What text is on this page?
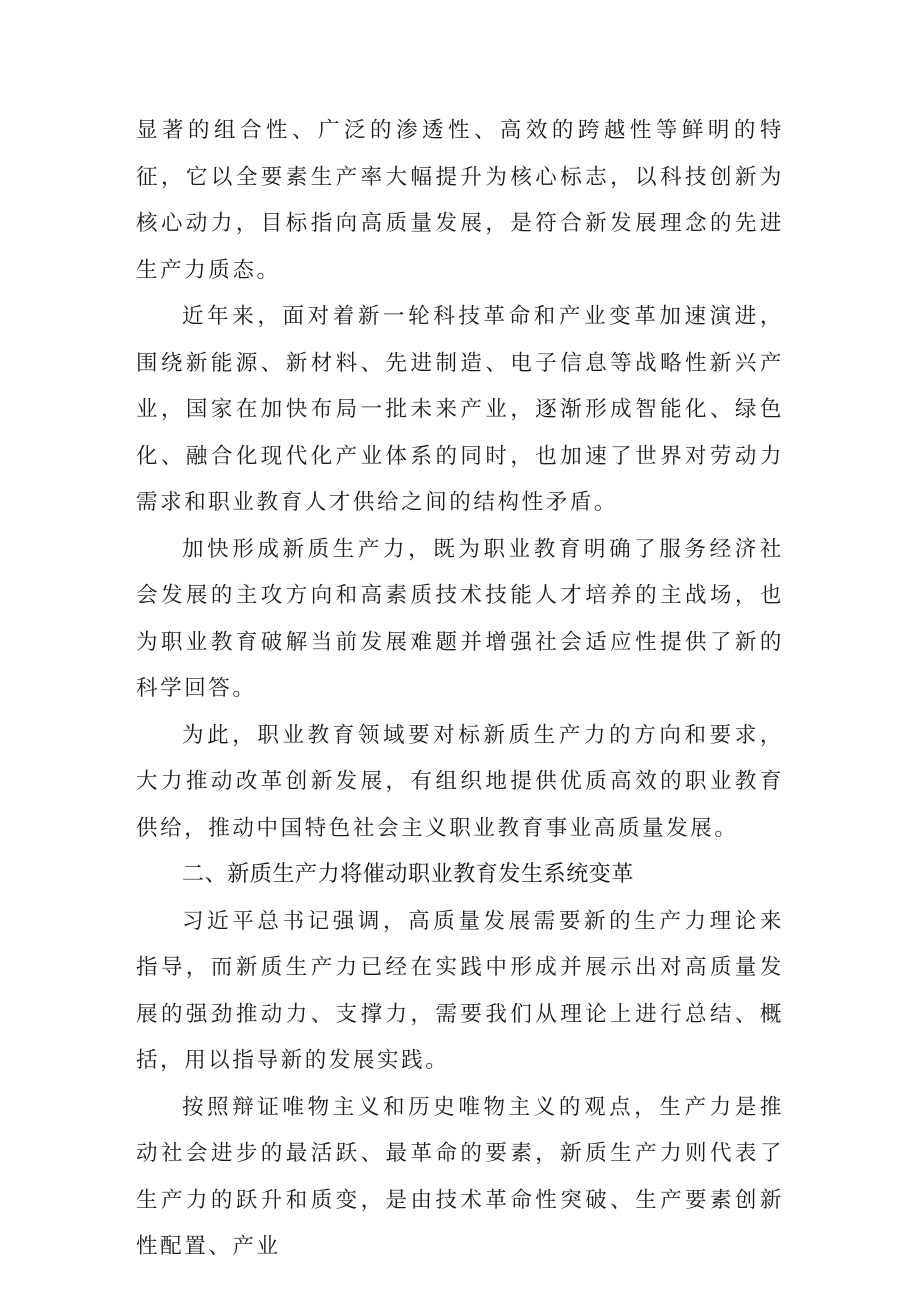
显著的组合性、广泛的渗透性、高效的跨越性等鲜明的特征，它以全要素生产率大幅提升为核心标志，以科技创新为核心动力，目标指向高质量发展，是符合新发展理念的先进生产力质态。

近年来，面对着新一轮科技革命和产业变革加速演进，围绕新能源、新材料、先进制造、电子信息等战略性新兴产业，国家在加快布局一批未来产业，逐渐形成智能化、绿色化、融合化现代化产业体系的同时，也加速了世界对劳动力需求和职业教育人才供给之间的结构性矛盾。

加快形成新质生产力，既为职业教育明确了服务经济社会发展的主攻方向和高素质技术技能人才培养的主战场，也为职业教育破解当前发展难题并增强社会适应性提供了新的科学回答。

为此，职业教育领域要对标新质生产力的方向和要求，大力推动改革创新发展，有组织地提供优质高效的职业教育供给，推动中国特色社会主义职业教育事业高质量发展。

二、新质生产力将催动职业教育发生系统变革

习近平总书记强调，高质量发展需要新的生产力理论来指导，而新质生产力已经在实践中形成并展示出对高质量发展的强劲推动力、支撑力，需要我们从理论上进行总结、概括，用以指导新的发展实践。

按照辩证唯物主义和历史唯物主义的观点，生产力是推动社会进步的最活跃、最革命的要素，新质生产力则代表了生产力的跃升和质变，是由技术革命性突破、生产要素创新性配置、产业
